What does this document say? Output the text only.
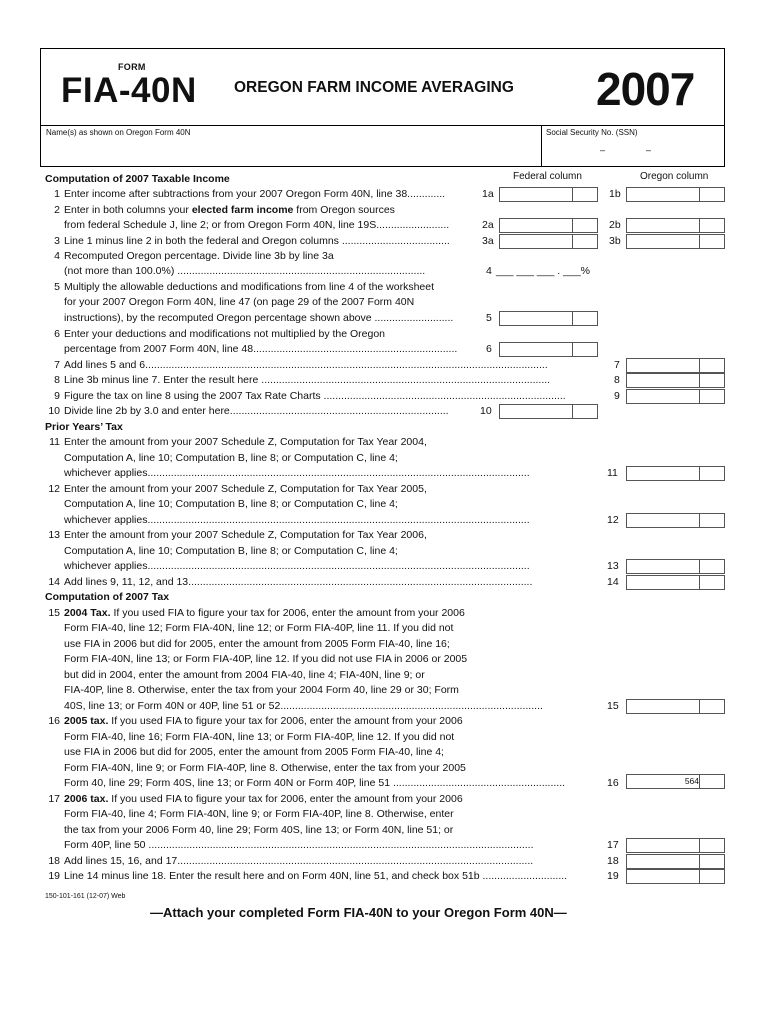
FORM
FIA-40N OREGON FARM INCOME AVERAGING 2007
Name(s) as shown on Oregon Form 40N	Social Security No. (SSN)
–	–
Federal column	Oregon column
Computation of 2007 Taxable Income
1 Enter income after subtractions from your 2007 Oregon Form 40N, line 38.............	1a	1b
2 Enter in both columns your elected farm income from Oregon sources
from federal Schedule J, line 2; or from Oregon Form 40N, line 19S.........................	2a	2b
3 Line 1 minus line 2 in both the federal and Oregon columns .....................................	3a	3b
4 Recomputed Oregon percentage. Divide line 3b by line 3a
(not more than 100.0%) .....................................................................................	4 ___ ___ ___ . ___%
5 Multiply the allowable deductions and modifications from line 4 of the worksheet
for your 2007 Oregon Form 40N, line 47 (on page 29 of the 2007 Form 40N
instructions), by the recomputed Oregon percentage shown above ...........................	5
6 Enter your deductions and modifications not multiplied by the Oregon
percentage from 2007 Form 40N, line 48......................................................................	6
7 Add lines 5 and 6..........................................................................................................................................	7
8 Line 3b minus line 7. Enter the result here ...................................................................................................	8
9 Figure the tax on line 8 using the 2007 Tax Rate Charts ...................................................................................	9
10 Divide line 2b by 3.0 and enter here...........................................................................	10
Prior Years’ Tax
11 Enter the amount from your 2007 Schedule Z, Computation for Tax Year 2004,
Computation A, line 10; Computation B, line 8; or Computation C, line 4;
whichever applies...................................................................................................................................	11
12 Enter the amount from your 2007 Schedule Z, Computation for Tax Year 2005,
Computation A, line 10; Computation B, line 8; or Computation C, line 4;
whichever applies...................................................................................................................................	12
13 Enter the amount from your 2007 Schedule Z, Computation for Tax Year 2006,
Computation A, line 10; Computation B, line 8; or Computation C, line 4;
whichever applies...................................................................................................................................	13
14 Add lines 9, 11, 12, and 13......................................................................................................................	14
Computation of 2007 Tax
15 2004 Tax. If you used FIA to figure your tax for 2006, enter the amount from your 2006
Form FIA-40, line 12; Form FIA-40N, line 12; or Form FIA-40P, line 11. If you did not
use FIA in 2006 but did for 2005, enter the amount from 2005 Form FIA-40, line 16;
Form FIA-40N, line 13; or Form FIA-40P, line 12. If you did not use FIA in 2006 or 2005
but did in 2004, enter the amount from 2004 FIA-40, line 4; FIA-40N, line 9; or
FIA-40P, line 8. Otherwise, enter the tax from your 2004 Form 40, line 29 or 30; Form
40S, line 13; or Form 40N or 40P, line 51 or 52..........................................................................................	15
16 2005 tax. If you used FIA to figure your tax for 2006, enter the amount from your 2006
Form FIA-40, line 16; Form FIA-40N, line 13; or Form FIA-40P, line 12. If you did not
use FIA in 2006 but did for 2005, enter the amount from 2005 Form FIA-40, line 4;
Form FIA-40N, line 9; or Form FIA-40P, line 8. Otherwise, enter the tax from your 2005
Form 40, line 29; Form 40S, line 13; or Form 40N or Form 40P, line 51 ...........................................................	16	564
17 2006 tax. If you used FIA to figure your tax for 2006, enter the amount from your 2006
Form FIA-40, line 4; Form FIA-40N, line 9; or Form FIA-40P, line 8. Otherwise, enter
the tax from your 2006 Form 40, line 29; Form 40S, line 13; or Form 40N, line 51; or
Form 40P, line 50 ....................................................................................................................................	17
18 Add lines 15, 16, and 17..........................................................................................................................	18
19 Line 14 minus line 18. Enter the result here and on Form 40N, line 51, and check box 51b .............................	19
150-101-161 (12-07) Web
—Attach your completed Form FIA-40N to your Oregon Form 40N—
